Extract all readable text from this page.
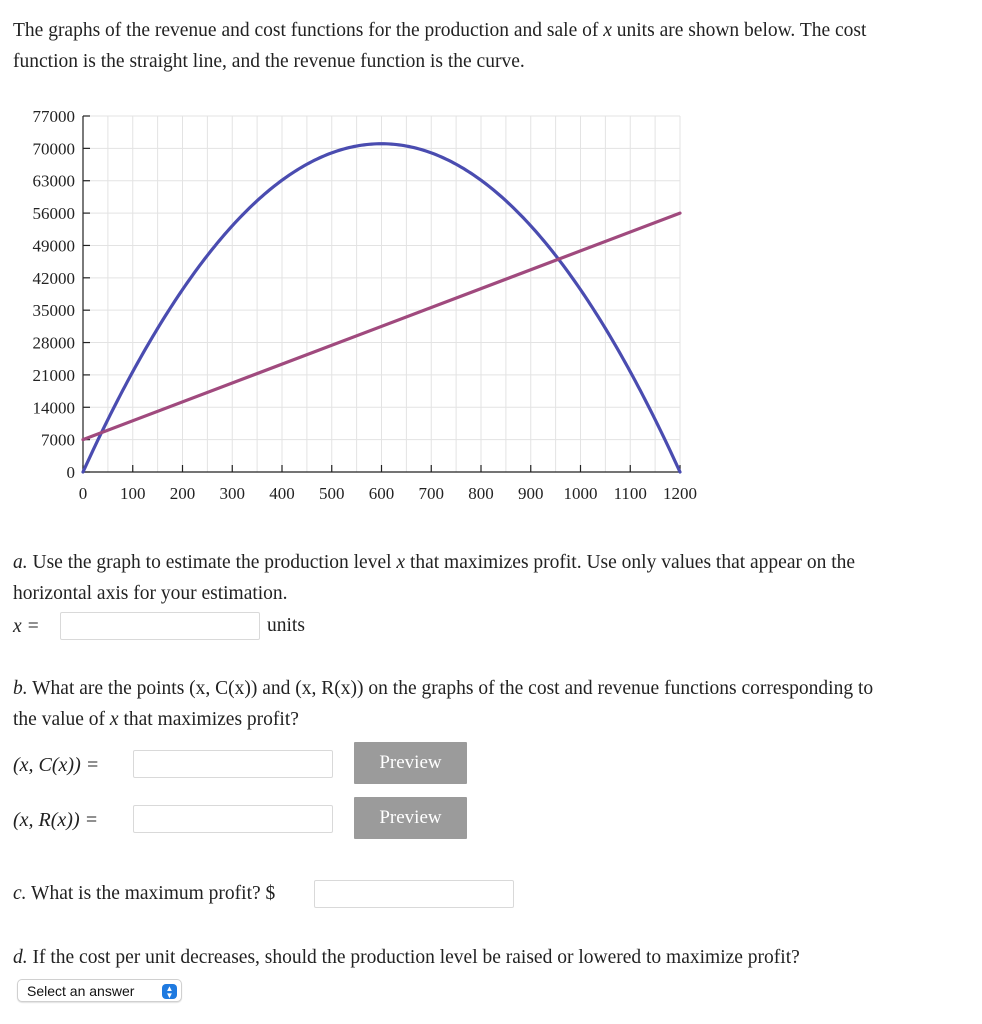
The graphs of the revenue and cost functions for the production and sale of x units are shown below. The cost
function is the straight line, and the revenue function is the curve.
0
7000
14000
21000
28000
35000
42000
49000
56000
63000
70000
77000
0 100 200 300 400 500 600 700 800 900 1000 1100 1200
a. Use the graph to estimate the production level x that maximizes profit. Use only values that appear on the
horizontal axis for your estimation.
x =	units
b. What are the points (x, C(x)) and (x, R(x)) on the graphs of the cost and revenue functions corresponding to
the value of x that maximizes profit?
(x, C(x)) =	Preview
(x, R(x)) =	Preview
c. What is the maximum profit? $
d. If the cost per unit decreases, should the production level be raised or lowered to maximize profit?
Select an answer	▲
▼
